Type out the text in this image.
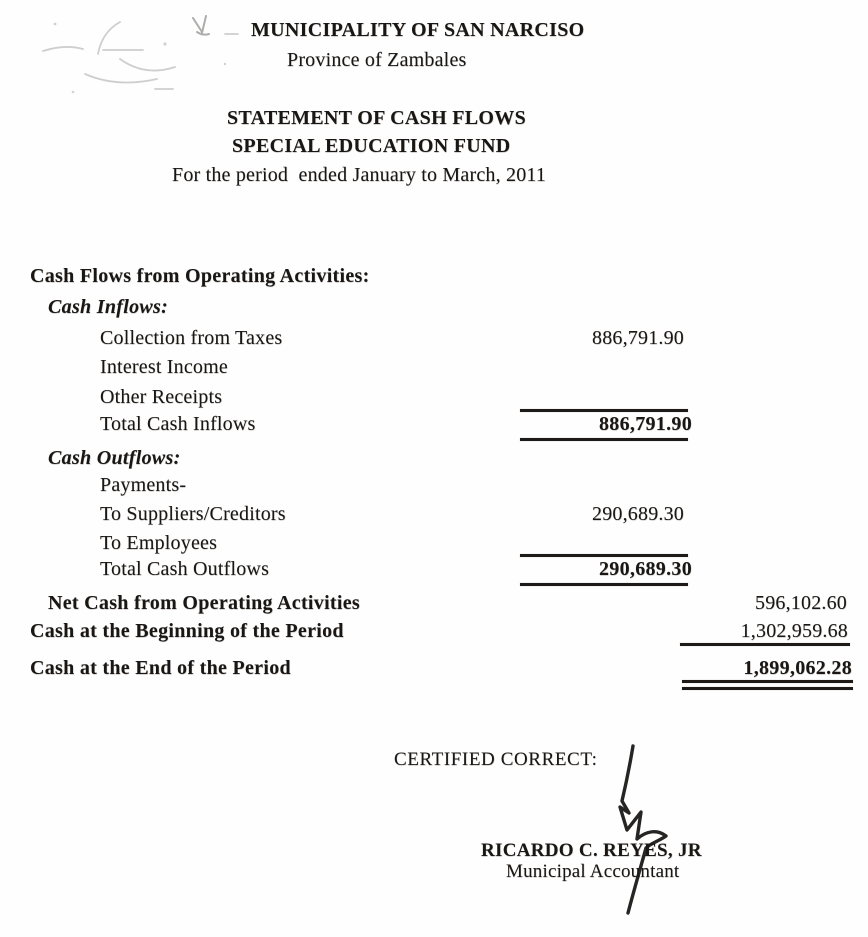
MUNICIPALITY OF SAN NARCISO
Province of Zambales
STATEMENT OF CASH FLOWS
SPECIAL EDUCATION FUND
For the period  ended January to March, 2011
Cash Flows from Operating Activities:
Cash Inflows:
Collection from Taxes	886,791.90
Interest Income
Other Receipts
Total Cash Inflows	886,791.90
Cash Outflows:
Payments-
To Suppliers/Creditors	290,689.30
To Employees
Total Cash Outflows	290,689.30
Net Cash from Operating Activities	596,102.60
Cash at the Beginning of the Period	1,302,959.68
Cash at the End of the Period	1,899,062.28
CERTIFIED CORRECT:
RICARDO C. REYES, JR
Municipal Accountant
